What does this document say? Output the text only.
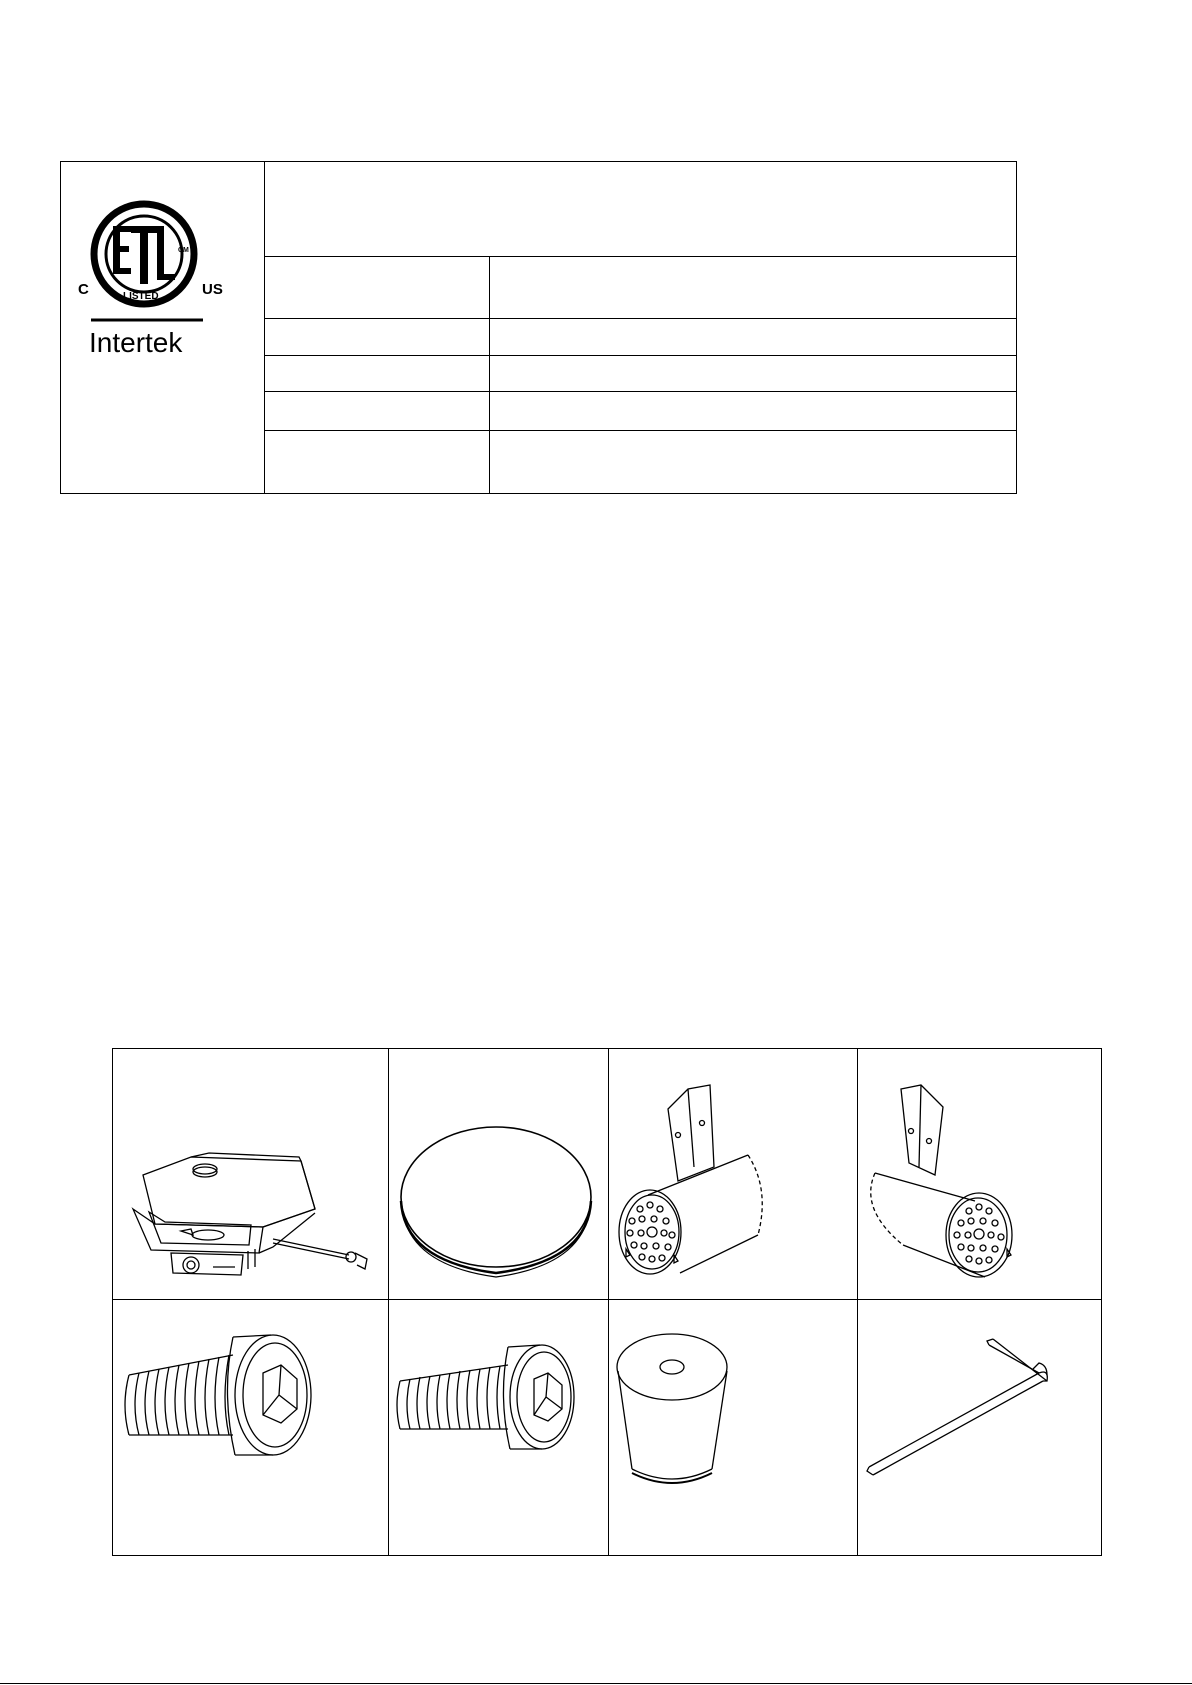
CM
LISTED
C	US
Intertek
